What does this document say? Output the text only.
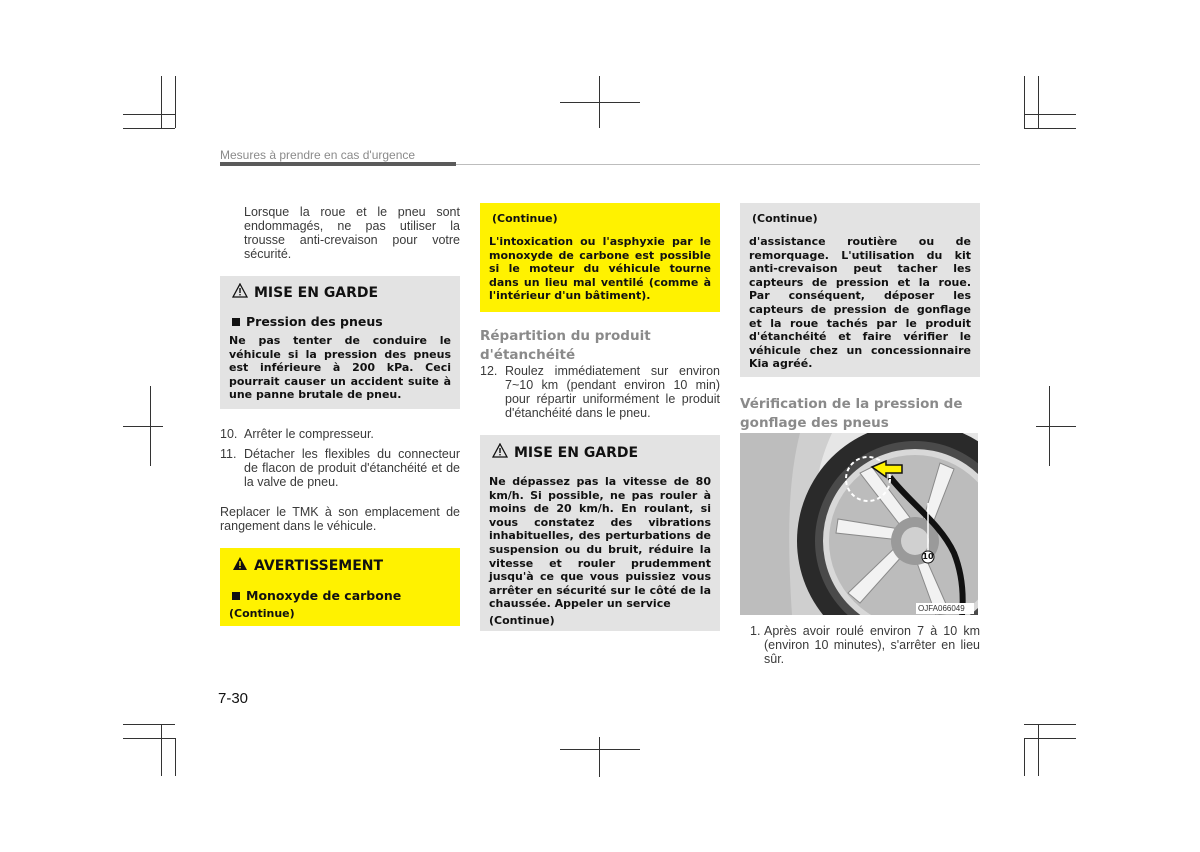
Mesures à prendre en cas d'urgence
Lorsque la roue et le pneu sont endommagés, ne pas utiliser la trousse anti-crevaison pour votre sécurité.
MISE EN GARDE
Pression des pneus
Ne pas tenter de conduire le véhicule si la pression des pneus est inférieure à 200 kPa. Ceci pourrait causer un accident suite à une panne brutale de pneu.
10. Arrêter le compresseur.
11. Détacher les flexibles du connecteur de flacon de produit d'étanchéité et de la valve de pneu.
Replacer le TMK à son emplacement de rangement dans le véhicule.
AVERTISSEMENT
Monoxyde de carbone
(Continue)
(Continue)
L'intoxication ou l'asphyxie par le monoxyde de carbone est possible si le moteur du véhicule tourne dans un lieu mal ventilé (comme à l'intérieur d'un bâtiment).
Répartition du produit d'étanchéité
12. Roulez immédiatement sur environ 7~10 km (pendant environ 10 min) pour répartir uniformément le produit d'étanchéité dans le pneu.
MISE EN GARDE
Ne dépassez pas la vitesse de 80 km/h. Si possible, ne pas rouler à moins de 20 km/h. En roulant, si vous constatez des vibrations inhabituelles, des perturbations de suspension ou du bruit, réduire la vitesse et rouler prudemment jusqu'à ce que vous puissiez vous arrêter en sécurité sur le côté de la chaussée. Appeler un service
(Continue)
(Continue)
d'assistance routière ou de remorquage. L'utilisation du kit anti-crevaison peut tacher les capteurs de pression et la roue. Par conséquent, déposer les capteurs de pression de gonflage et la roue tachés par le produit d'étanchéité et faire vérifier le véhicule chez un concessionnaire Kia agréé.
Vérification de la pression de gonflage des pneus
10
OJFA066049
1. Après avoir roulé environ 7 à 10 km (environ 10 minutes), s'arrêter en lieu sûr.
7-30
